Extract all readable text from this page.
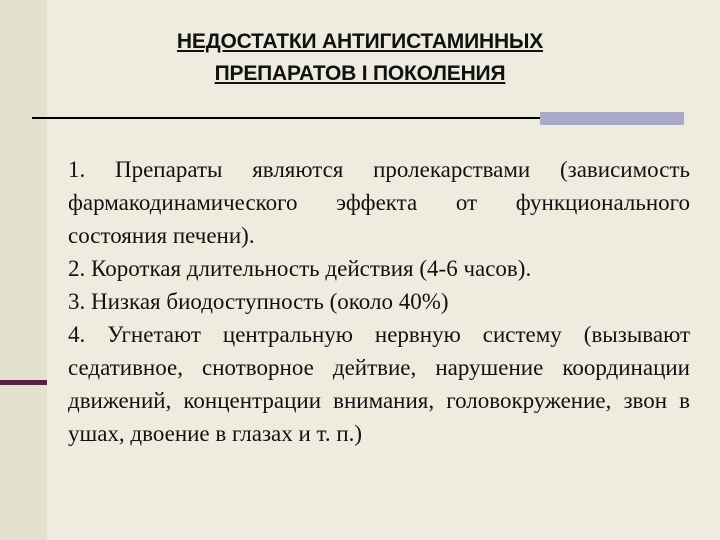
НЕДОСТАТКИ АНТИГИСТАМИННЫХ
ПРЕПАРАТОВ I ПОКОЛЕНИЯ

1. Препараты являются пролекарствами (зависимость фармакодинамического эффекта от функционального состояния печени).

2. Короткая длительность действия (4-6 часов).

3. Низкая биодоступность (около 40%)

4. Угнетают центральную нервную систему (вызывают седативное, снотворное дейтвие, нарушение координации движений, концентрации внимания, головокружение, звон в ушах, двоение в глазах и т. п.)
